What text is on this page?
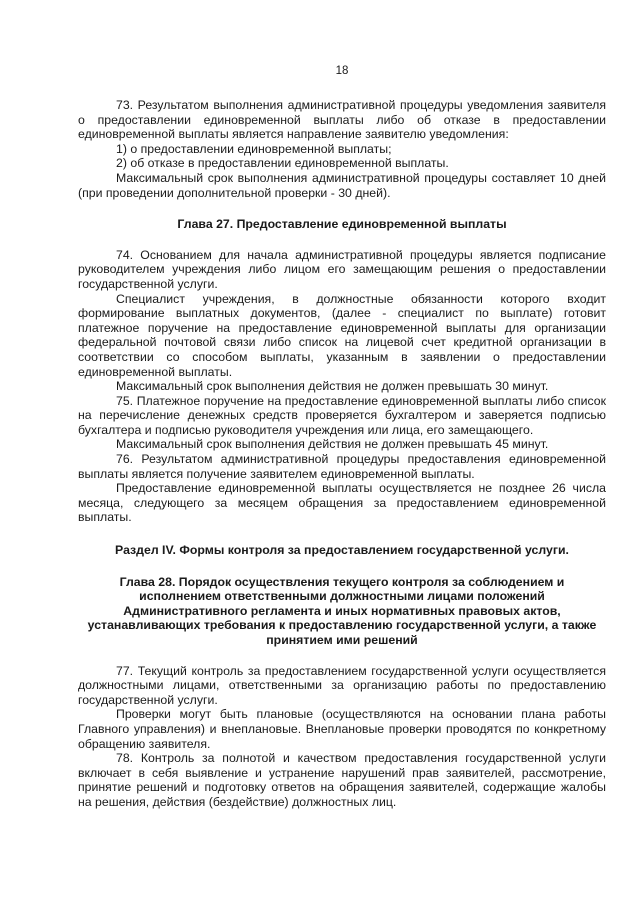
18

73. Результатом выполнения административной процедуры уведомления заявителя о предоставлении единовременной выплаты либо об отказе в предоставлении единовременной выплаты является направление заявителю уведомления:

1) о предоставлении единовременной выплаты;

2) об отказе в предоставлении единовременной выплаты.

Максимальный срок выполнения административной процедуры составляет 10 дней (при проведении дополнительной проверки - 30 дней).

Глава 27. Предоставление единовременной выплаты

74. Основанием для начала административной процедуры является подписание руководителем учреждения либо лицом его замещающим решения о предоставлении государственной услуги.

Специалист учреждения, в должностные обязанности которого входит формирование выплатных документов, (далее - специалист по выплате) готовит платежное поручение на предоставление единовременной выплаты для организации федеральной почтовой связи либо список на лицевой счет кредитной организации в соответствии со способом выплаты, указанным в заявлении о предоставлении единовременной выплаты.

Максимальный срок выполнения действия не должен превышать 30 минут.

75. Платежное поручение на предоставление единовременной выплаты либо список на перечисление денежных средств проверяется бухгалтером и заверяется подписью бухгалтера и подписью руководителя учреждения или лица, его замещающего.

Максимальный срок выполнения действия не должен превышать 45 минут.

76. Результатом административной процедуры предоставления единовременной выплаты является получение заявителем единовременной выплаты.

Предоставление единовременной выплаты осуществляется не позднее 26 числа месяца, следующего за месяцем обращения за предоставлением единовременной выплаты.

Раздел IV. Формы контроля за предоставлением государственной услуги.
Глава 28. Порядок осуществления текущего контроля за соблюдением и исполнением ответственными должностными лицами положений Административного регламента и иных нормативных правовых актов, устанавливающих требования к предоставлению государственной услуги, а также принятием ими решений

77. Текущий контроль за предоставлением государственной услуги осуществляется должностными лицами, ответственными за организацию работы по предоставлению государственной услуги.

Проверки могут быть плановые (осуществляются на основании плана работы Главного управления) и внеплановые. Внеплановые проверки проводятся по конкретному обращению заявителя.

78. Контроль за полнотой и качеством предоставления государственной услуги включает в себя выявление и устранение нарушений прав заявителей, рассмотрение, принятие решений и подготовку ответов на обращения заявителей, содержащие жалобы на решения, действия (бездействие) должностных лиц.
